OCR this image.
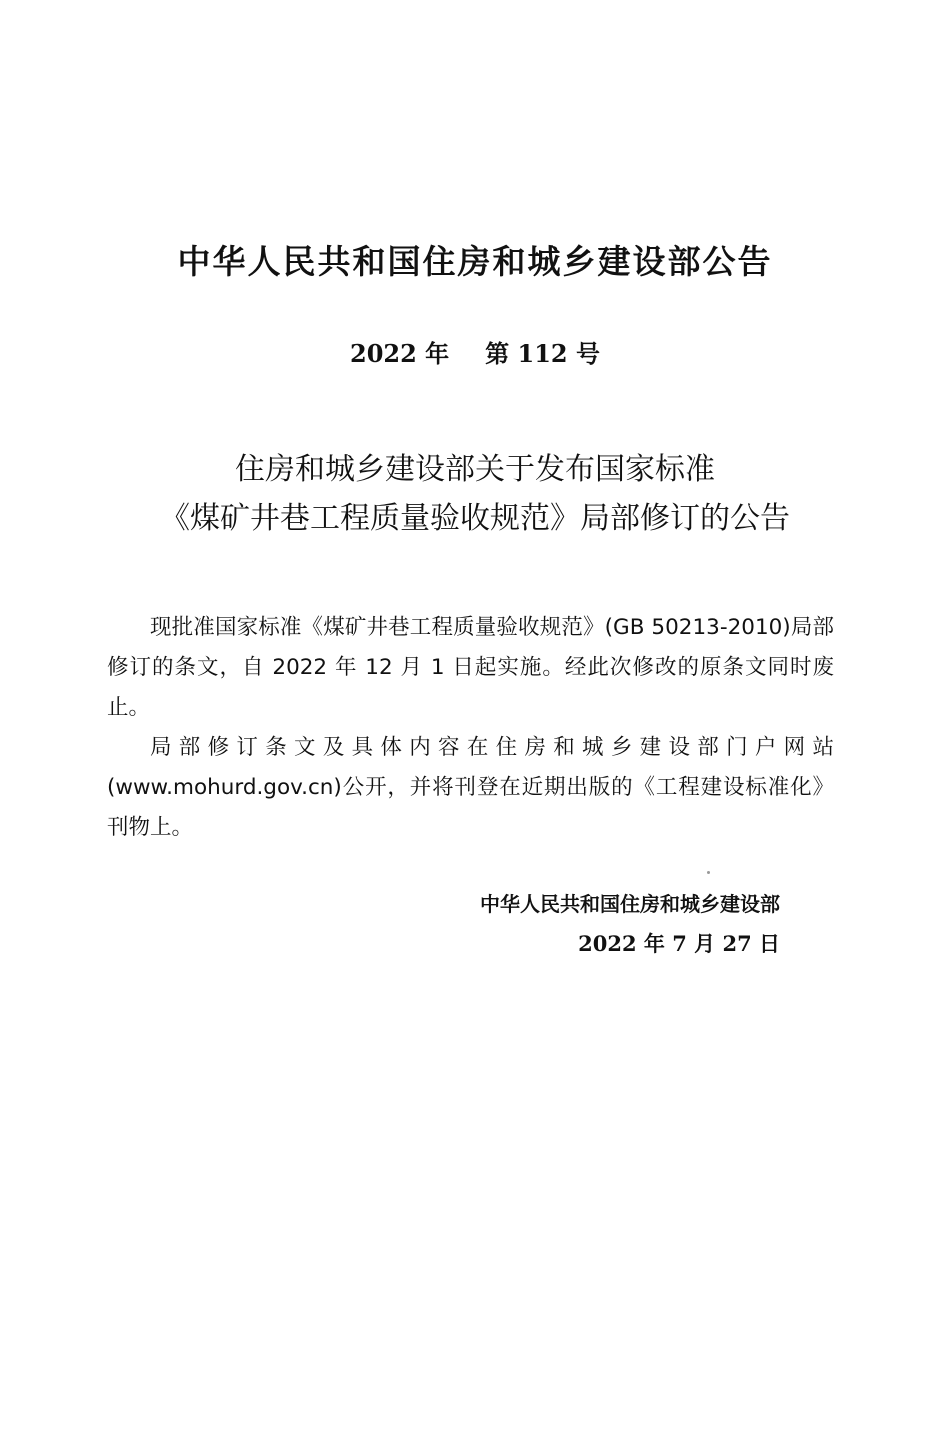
中华人民共和国住房和城乡建设部公告
2022 年 第 112 号
住房和城乡建设部关于发布国家标准
《煤矿井巷工程质量验收规范》局部修订的公告

现批准国家标准《煤矿井巷工程质量验收规范》(GB 50213-2010)局部修订的条文，自 2022 年 12 月 1 日起实施。经此次修改的原条文同时废止。

局部修订条文及具体内容在住房和城乡建设部门户网站(www.mohurd.gov.cn)公开，并将刊登在近期出版的《工程建设标准化》刊物上。

中华人民共和国住房和城乡建设部
2022 年 7 月 27 日
